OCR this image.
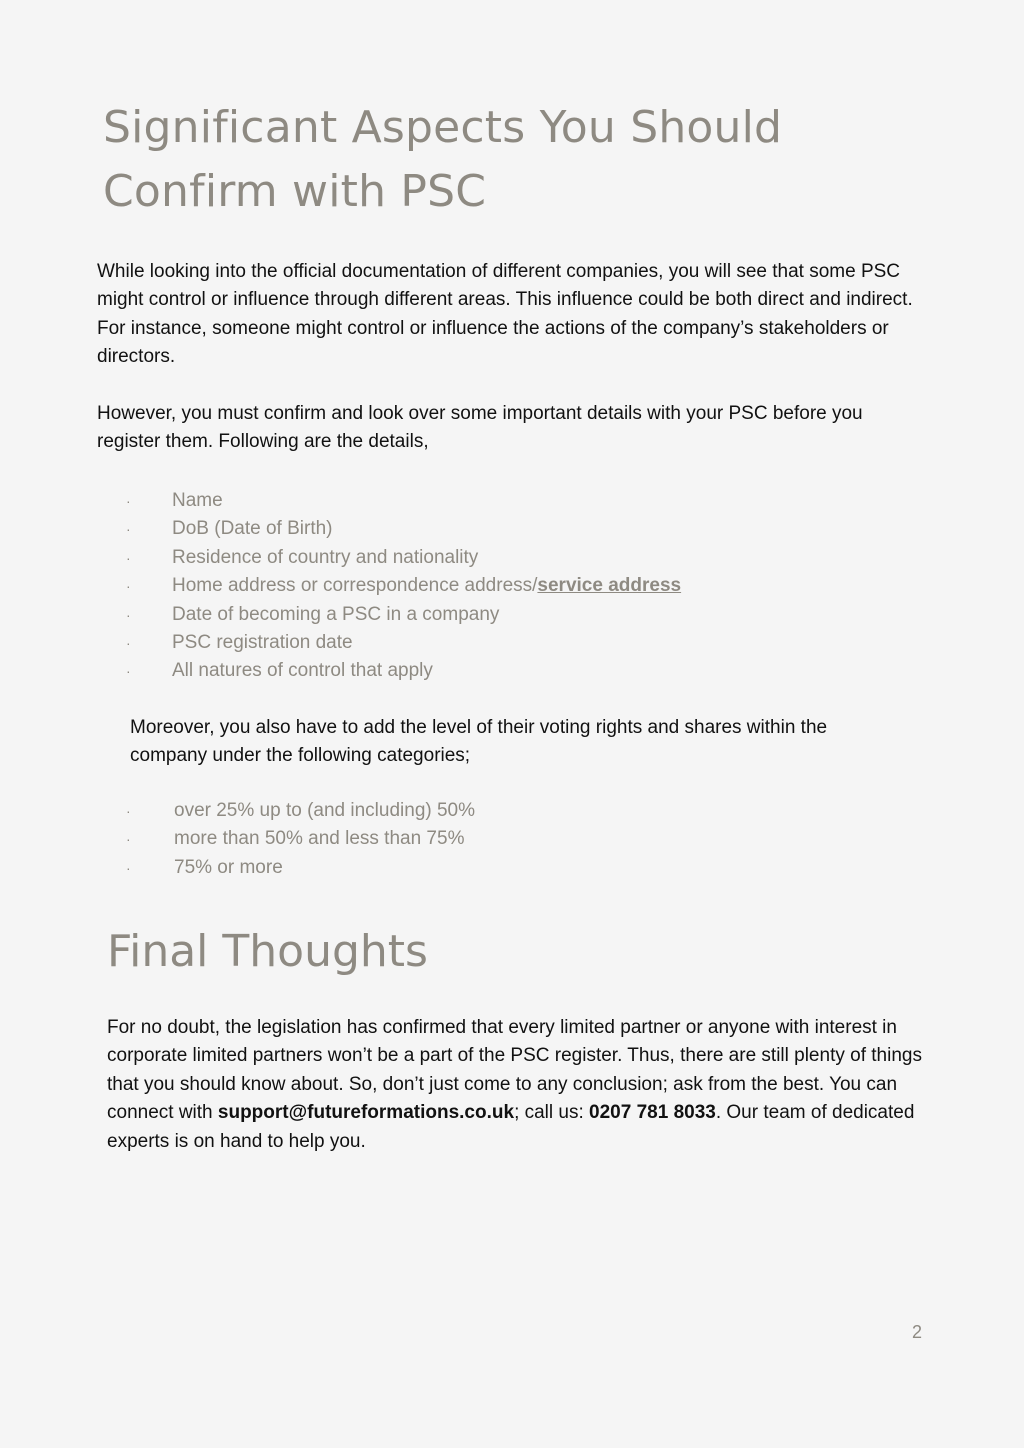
Significant Aspects You Should Confirm with PSC

While looking into the official documentation of different companies, you will see that some PSC might control or influence through different areas. This influence could be both direct and indirect. For instance, someone might control or influence the actions of the company’s stakeholders or directors.

However, you must confirm and look over some important details with your PSC before you register them. Following are the details,

· Name
· DoB (Date of Birth)
· Residence of country and nationality
· Home address or correspondence address/service address
· Date of becoming a PSC in a company
· PSC registration date
· All natures of control that apply

Moreover, you also have to add the level of their voting rights and shares within the company under the following categories;

· over 25% up to (and including) 50%
· more than 50% and less than 75%
· 75% or more
Final Thoughts

For no doubt, the legislation has confirmed that every limited partner or anyone with interest in corporate limited partners won’t be a part of the PSC register. Thus, there are still plenty of things that you should know about. So, don’t just come to any conclusion; ask from the best. You can connect with support@futureformations.co.uk; call us: 0207 781 8033. Our team of dedicated experts is on hand to help you.

2
